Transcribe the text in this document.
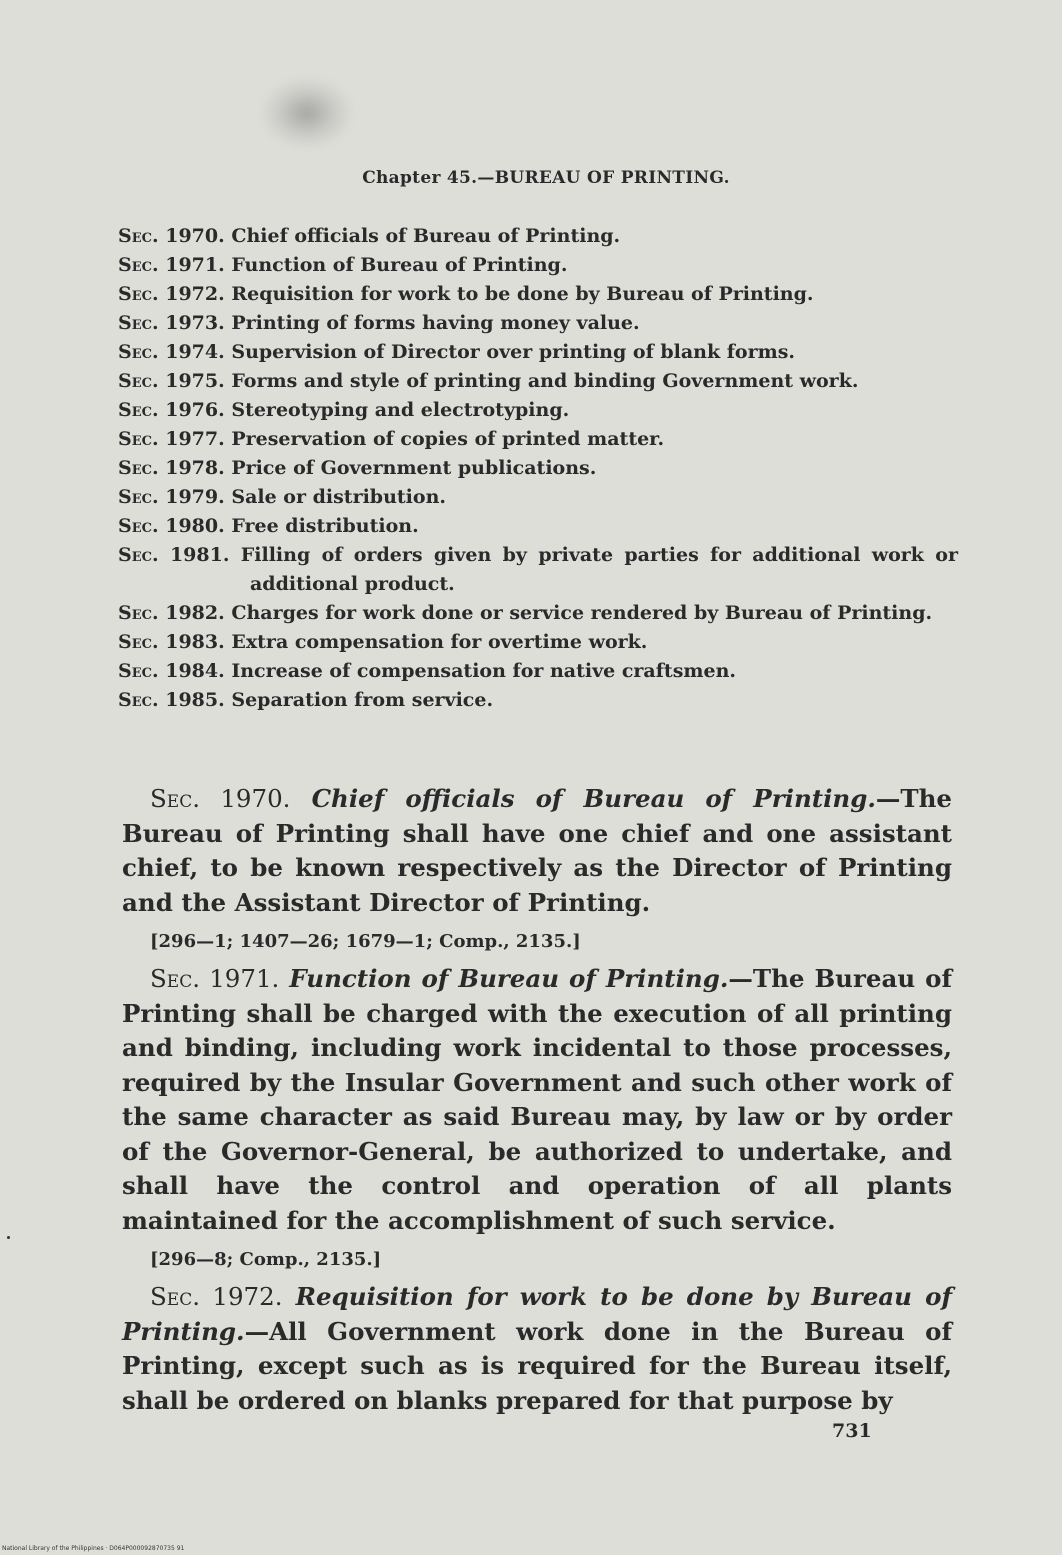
Chapter 45.—BUREAU OF PRINTING.
Sec. 1970. Chief officials of Bureau of Printing.
Sec. 1971. Function of Bureau of Printing.
Sec. 1972. Requisition for work to be done by Bureau of Printing.
Sec. 1973. Printing of forms having money value.
Sec. 1974. Supervision of Director over printing of blank forms.
Sec. 1975. Forms and style of printing and binding Government work.
Sec. 1976. Stereotyping and electrotyping.
Sec. 1977. Preservation of copies of printed matter.
Sec. 1978. Price of Government publications.
Sec. 1979. Sale or distribution.
Sec. 1980. Free distribution.
Sec. 1981. Filling of orders given by private parties for additional work or additional product.
Sec. 1982. Charges for work done or service rendered by Bureau of Printing.
Sec. 1983. Extra compensation for overtime work.
Sec. 1984. Increase of compensation for native craftsmen.
Sec. 1985. Separation from service.

Sec. 1970. Chief officials of Bureau of Printing.—The Bureau of Printing shall have one chief and one assistant chief, to be known respectively as the Director of Printing and the Assistant Director of Printing.

[296—1; 1407—26; 1679—1; Comp., 2135.]

Sec. 1971. Function of Bureau of Printing.—The Bureau of Printing shall be charged with the execution of all printing and binding, including work incidental to those processes, required by the Insular Government and such other work of the same character as said Bureau may, by law or by order of the Governor-General, be authorized to undertake, and shall have the control and operation of all plants maintained for the accomplishment of such service.

[296—8; Comp., 2135.]

Sec. 1972. Requisition for work to be done by Bureau of Printing.—All Government work done in the Bureau of Printing, except such as is required for the Bureau itself, shall be ordered on blanks prepared for that purpose by

731
National Library of the Philippines · D064P000092870735 91
